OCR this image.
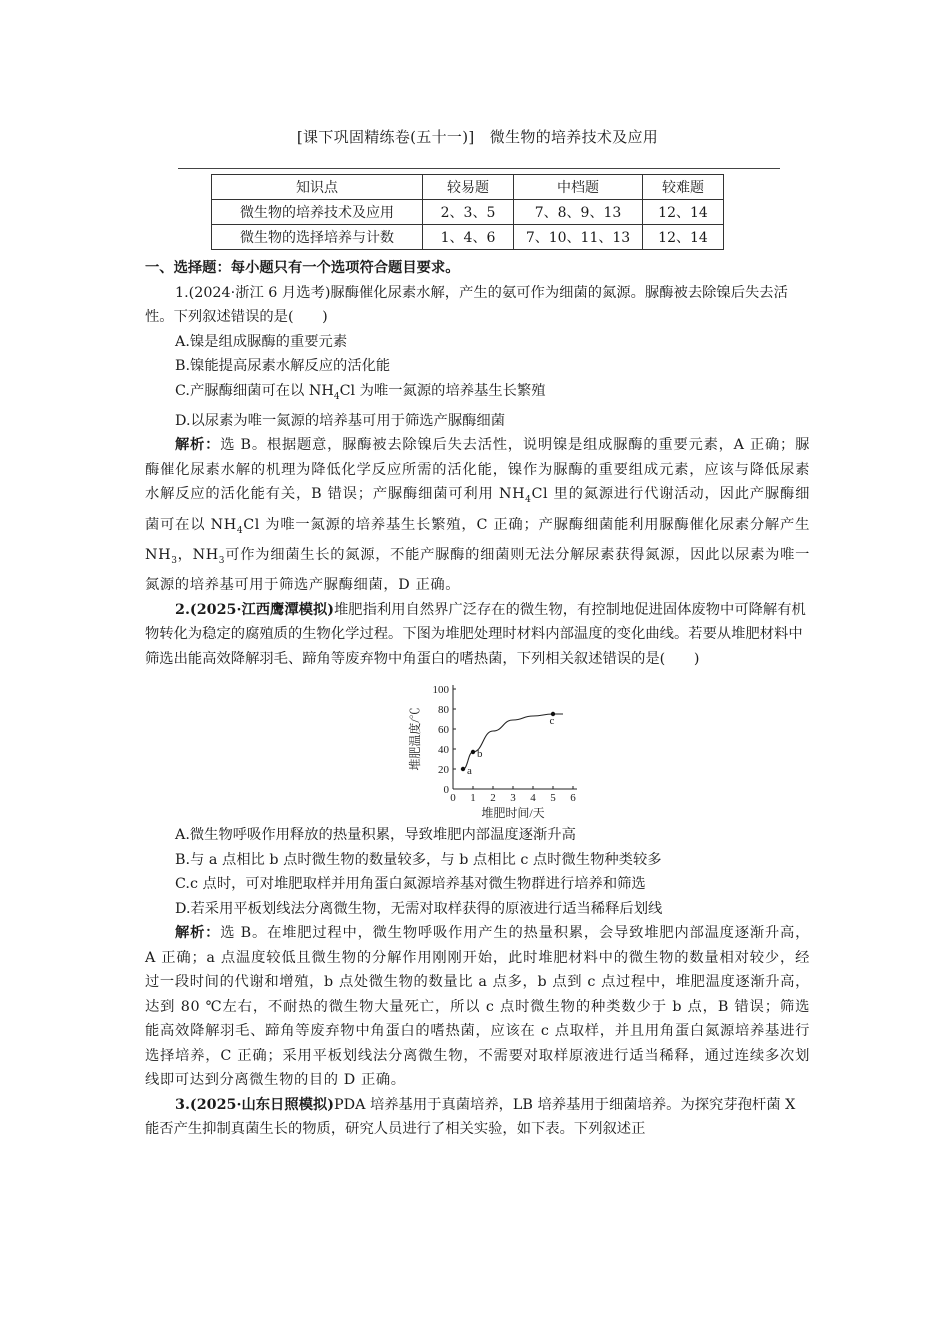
[课下巩固精练卷(五十一)]　微生物的培养技术及应用
知识点	较易题	中档题	较难题
微生物的培养技术及应用	2、3、5	7、8、9、13	12、14
微生物的选择培养与计数	1、4、6	7、10、11、13	12、14

一、选择题：每小题只有一个选项符合题目要求。

1.(2024·浙江 6 月选考)脲酶催化尿素水解，产生的氨可作为细菌的氮源。脲酶被去除镍后失去活性。下列叙述错误的是(　　)

A.镍是组成脲酶的重要元素

B.镍能提高尿素水解反应的活化能

C.产脲酶细菌可在以 $NH_4Cl$ 为唯一氮源的培养基生长繁殖

D.以尿素为唯一氮源的培养基可用于筛选产脲酶细菌

解析：选 B。根据题意，脲酶被去除镍后失去活性，说明镍是组成脲酶的重要元素，A 正确；脲酶催化尿素水解的机理为降低化学反应所需的活化能，镍作为脲酶的重要组成元素，应该与降低尿素水解反应的活化能有关，B 错误；产脲酶细菌可利用 $NH_4Cl$ 里的氮源进行代谢活动，因此产脲酶细菌可在以 $NH_4Cl$ 为唯一氮源的培养基生长繁殖，C 正确；产脲酶细菌能利用脲酶催化尿素分解产生 $NH_3$，$NH_3$可作为细菌生长的氮源，不能产脲酶的细菌则无法分解尿素获得氮源，因此以尿素为唯一氮源的培养基可用于筛选产脲酶细菌，D 正确。

2.(2025·江西鹰潭模拟)堆肥指利用自然界广泛存在的微生物，有控制地促进固体废物中可降解有机物转化为稳定的腐殖质的生物化学过程。下图为堆肥处理时材料内部温度的变化曲线。若要从堆肥材料中筛选出能高效降解羽毛、蹄角等废弃物中角蛋白的嗜热菌，下列相关叙述错误的是(　　)

0 1 2 3 4 5 6
0
20
40
60
80
100
堆肥时间/天
堆肥温度/℃
a
b
c

A.微生物呼吸作用释放的热量积累，导致堆肥内部温度逐渐升高

B.与 a 点相比 b 点时微生物的数量较多，与 b 点相比 c 点时微生物种类较多

C.c 点时，可对堆肥取样并用角蛋白氮源培养基对微生物群进行培养和筛选

D.若采用平板划线法分离微生物，无需对取样获得的原液进行适当稀释后划线

解析：选 B。在堆肥过程中，微生物呼吸作用产生的热量积累，会导致堆肥内部温度逐渐升高，A 正确；a 点温度较低且微生物的分解作用刚刚开始，此时堆肥材料中的微生物的数量相对较少，经过一段时间的代谢和增殖，b 点处微生物的数量比 a 点多，b 点到 c 点过程中，堆肥温度逐渐升高，达到 80 ℃左右，不耐热的微生物大量死亡，所以 c 点时微生物的种类数少于 b 点，B 错误；筛选能高效降解羽毛、蹄角等废弃物中角蛋白的嗜热菌，应该在 c 点取样，并且用角蛋白氮源培养基进行选择培养，C 正确；采用平板划线法分离微生物，不需要对取样原液进行适当稀释，通过连续多次划线即可达到分离微生物的目的 D 正确。

3.(2025·山东日照模拟)PDA 培养基用于真菌培养，LB 培养基用于细菌培养。为探究芽孢杆菌 X 能否产生抑制真菌生长的物质，研究人员进行了相关实验，如下表。下列叙述正
